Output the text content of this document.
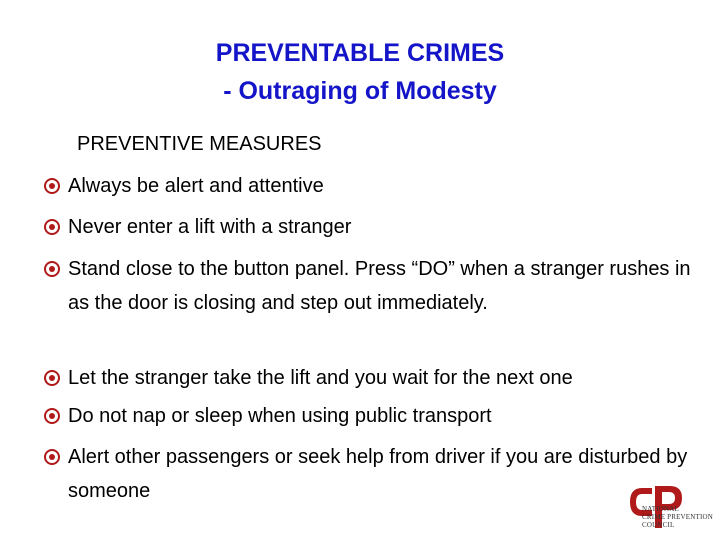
PREVENTABLE CRIMES
- Outraging of Modesty
PREVENTIVE MEASURES
Always be alert and attentive
Never enter a lift with a stranger
Stand close to the button panel. Press “DO” when a stranger rushes in as the door is closing and step out immediately.
Let the stranger take the lift and you wait for the next one
Do not nap or sleep when using public transport
Alert other passengers or seek help from driver if you are disturbed by someone
NATIONAL
CRIME PREVENTION
COUNCIL
